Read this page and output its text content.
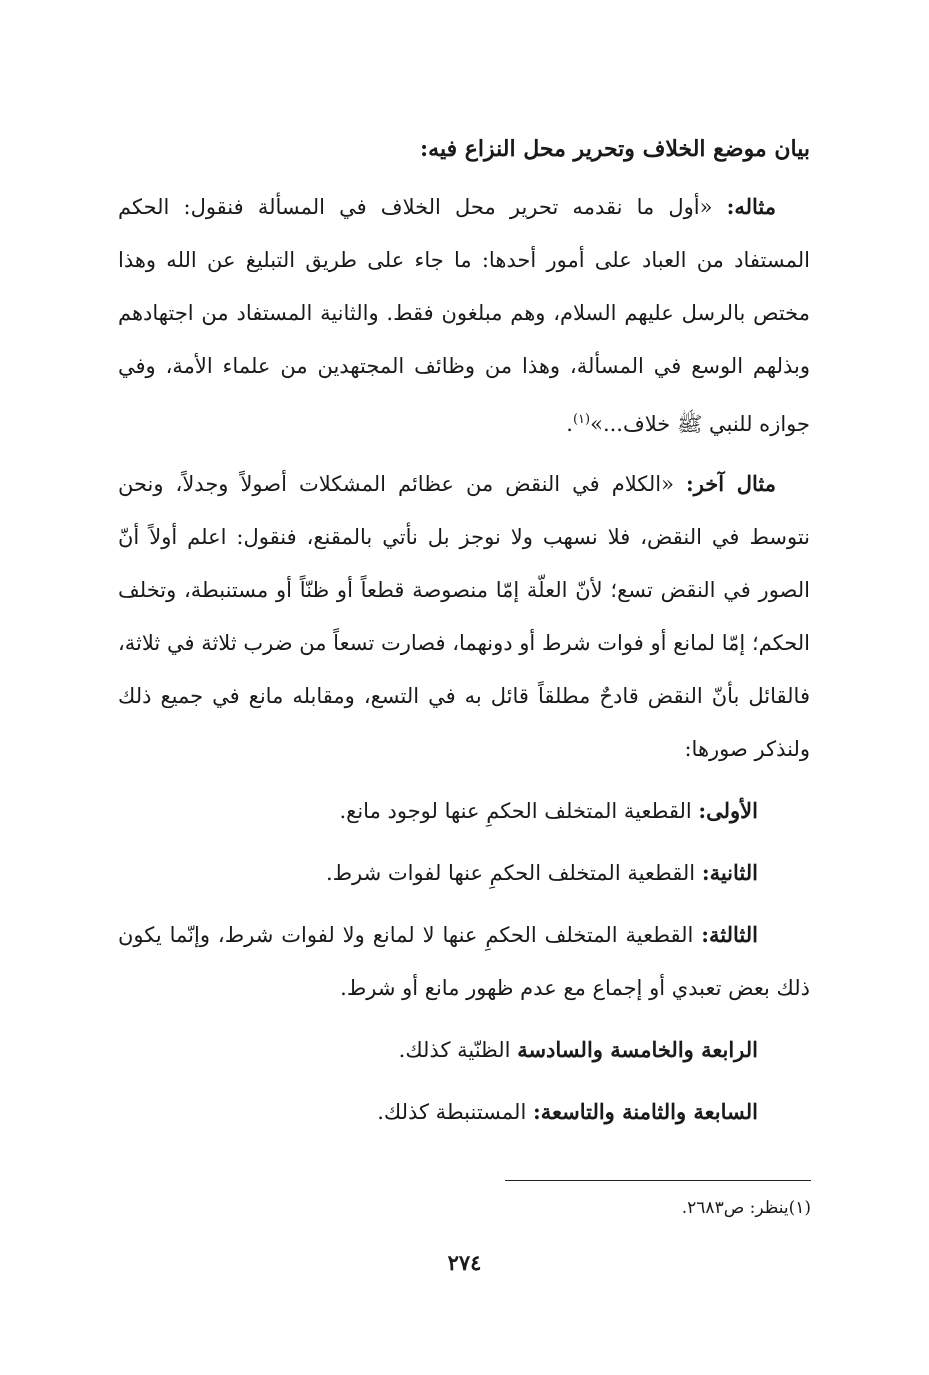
بيان موضع الخلاف وتحرير محل النزاع فيه:

مثاله: «أول ما نقدمه تحرير محل الخلاف في المسألة فنقول: الحكم المستفاد من العباد على أمور أحدها: ما جاء على طريق التبليغ عن الله وهذا مختص بالرسل عليهم السلام، وهم مبلغون فقط. والثانية المستفاد من اجتهادهم وبذلهم الوسع في المسألة، وهذا من وظائف المجتهدين من علماء الأمة، وفي جوازه للنبي ﷺ خلاف...»$^{(١)}$.

مثال آخر: «الكلام في النقض من عظائم المشكلات أصولاً وجدلاً، ونحن نتوسط في النقض، فلا نسهب ولا نوجز بل نأتي بالمقنع، فنقول: اعلم أولاً أنّ الصور في النقض تسع؛ لأنّ العلّة إمّا منصوصة قطعاً أو ظنّاً أو مستنبطة، وتخلف الحكم؛ إمّا لمانع أو فوات شرط أو دونهما، فصارت تسعاً من ضرب ثلاثة في ثلاثة، فالقائل بأنّ النقض قادحٌ مطلقاً قائل به في التسع، ومقابله مانع في جميع ذلك ولنذكر صورها:

الأولى: القطعية المتخلف الحكمِ عنها لوجود مانع.

الثانية: القطعية المتخلف الحكمِ عنها لفوات شرط.

الثالثة: القطعية المتخلف الحكمِ عنها لا لمانع ولا لفوات شرط، وإنّما يكون ذلك بعض تعبدي أو إجماع مع عدم ظهور مانع أو شرط.

الرابعة والخامسة والسادسة الظنّية كذلك.

السابعة والثامنة والتاسعة: المستنبطة كذلك.

(١)ينظر: ص٢٦٨٣.
٢٧٤
